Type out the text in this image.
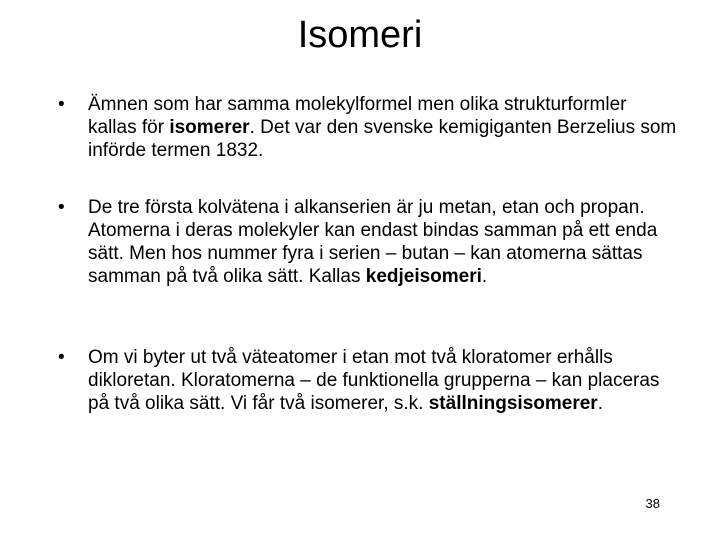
Isomeri
• Ämnen som har samma molekylformel men olika strukturformler kallas för isomerer. Det var den svenske kemigiganten Berzelius som införde termen 1832.
• De tre första kolvätena i alkanserien är ju metan, etan och propan. Atomerna i deras molekyler kan endast bindas samman på ett enda sätt. Men hos nummer fyra i serien – butan – kan atomerna sättas samman på två olika sätt. Kallas kedjeisomeri.
• Om vi byter ut två väteatomer i etan mot två kloratomer erhålls dikloretan. Kloratomerna – de funktionella grupperna – kan placeras på två olika sätt. Vi får två isomerer, s.k. ställningsisomerer.
38
